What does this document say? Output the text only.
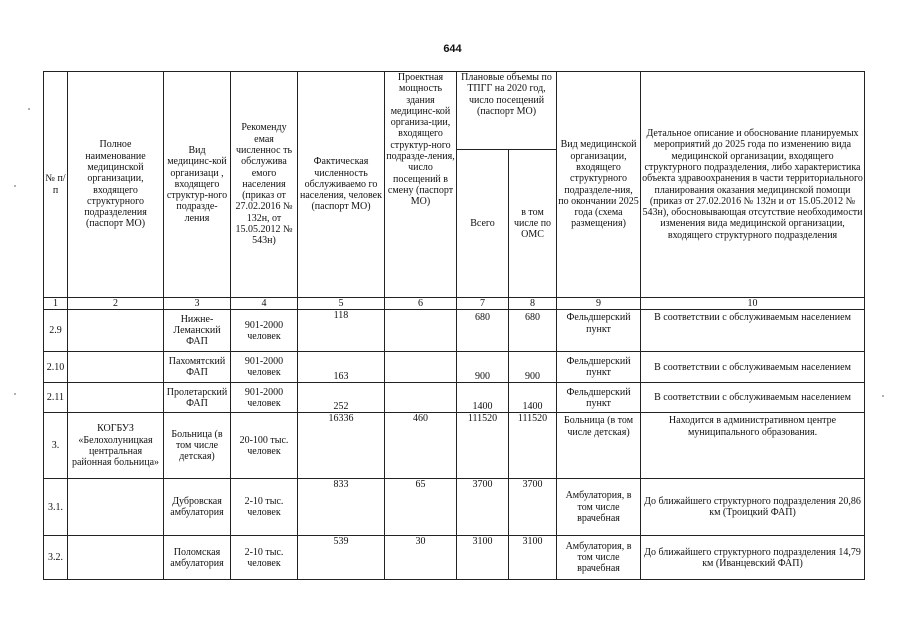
644
№ п/п	Полное наименование медицинской организации, входящего структурного подразделения (паспорт МО)	Вид медицинс-кой организаци , входящего структур-ного подразде-ления	Рекоменду емая численнос ть обслужива емого населения (приказ от 27.02.2016 № 132н, от 15.05.2012 № 543н)	Фактическая численность обслуживаемо го населения, человек (паспорт МО)	Проектная мощность здания медицинс-кой организа-ции, входящего структур-ного подразде-ления, число посещений в смену (паспорт МО)	Плановые объемы по ТПГГ на 2020 год, число посещений (паспорт МО)		Вид медицинской организации, входящего структурного подразделе-ния, по окончании 2025 года (схема размещения)	Детальное описание и обоснование планируемых мероприятий до 2025 года по изменению вида медицинской организации, входящего структурного подразделения, либо характеристика объекта здравоохранения в части территориального планирования оказания медицинской помощи (приказ от 27.02.2016 № 132н и от 15.05.2012 № 543н), обосновывающая отсутствие необходимости изменения вида медицинской организации, входящего структурного подразделения
						Всего	в том числе по ОМС		
1	2	3	4	5	6	7	8	9	10
2.9		Нижне-Леманский ФАП	901-2000 человек	118		680	680	Фельдшерский пункт	В соответствии с обслуживаемым населением
2.10		Пахомятский ФАП	901-2000 человек	163		900	900	Фельдшерский пункт	В соответствии с обслуживаемым населением
2.11		Пролетарский ФАП	901-2000 человек	252		1400	1400	Фельдшерский пункт	В соответствии с обслуживаемым населением
3.	КОГБУЗ «Белохолуницкая центральная районная больница»	Больница (в том числе детская)	20-100 тыс. человек	16336	460	111520	111520	Больница (в том числе детская)	Находится в административном центре муниципального образования.
3.1.		Дубровская амбулатория	2-10 тыс. человек	833	65	3700	3700	Амбулатория, в том числе врачебная	До ближайшего структурного подразделения 20,86 км (Троицкий ФАП)
3.2.		Поломская амбулатория	2-10 тыс. человек	539	30	3100	3100	Амбулатория, в том числе врачебная	До ближайшего структурного подразделения 14,79 км (Иванцевский ФАП)
